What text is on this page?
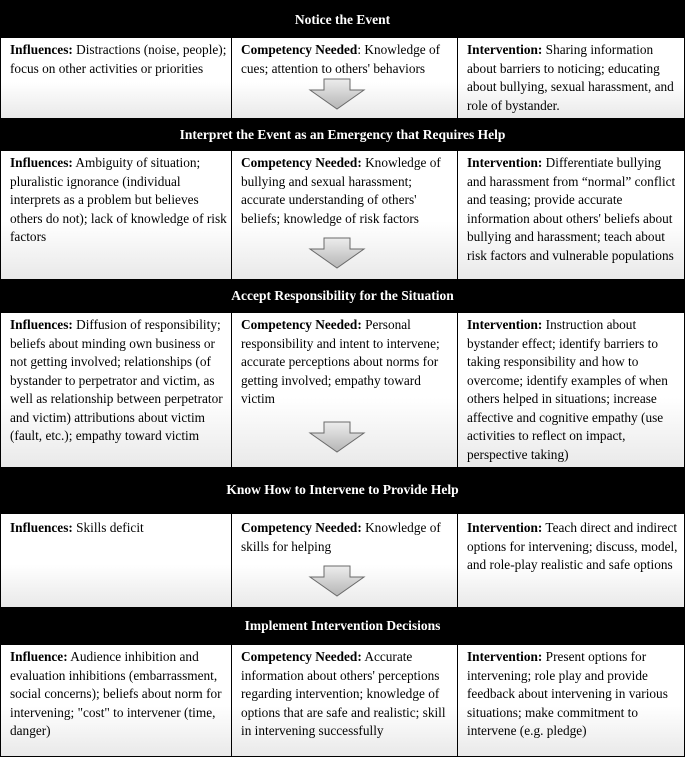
Notice the Event
Influences: Distractions (noise, people); focus on other activities or priorities
Competency Needed: Knowledge of cues; attention to others' behaviors
Intervention: Sharing information about barriers to noticing; educating about bullying, sexual harassment, and role of bystander.
Interpret the Event as an Emergency that Requires Help
Influences: Ambiguity of situation; pluralistic ignorance (individual interprets as a problem but believes others do not); lack of knowledge of risk factors
Competency Needed: Knowledge of bullying and sexual harassment; accurate understanding of others' beliefs; knowledge of risk factors
Intervention: Differentiate bullying and harassment from “normal” conflict and teasing; provide accurate information about others' beliefs about bullying and harassment; teach about risk factors and vulnerable populations
Accept Responsibility for the Situation
Influences: Diffusion of responsibility; beliefs about minding own business or not getting involved; relationships (of bystander to perpetrator and victim, as well as relationship between perpetrator and victim) attributions about victim (fault, etc.); empathy toward victim
Competency Needed: Personal responsibility and intent to intervene; accurate perceptions about norms for getting involved; empathy toward victim
Intervention: Instruction about bystander effect; identify barriers to taking responsibility and how to overcome; identify examples of when others helped in situations; increase affective and cognitive empathy (use activities to reflect on impact, perspective taking)
Know How to Intervene to Provide Help
Influences: Skills deficit	Competency Needed: Knowledge of skills for helping
Intervention: Teach direct and indirect options for intervening; discuss, model, and role-play realistic and safe options
Implement Intervention Decisions
Influence: Audience inhibition and evaluation inhibitions (embarrassment, social concerns); beliefs about norm for intervening; "cost" to intervener (time, danger)
Competency Needed: Accurate information about others' perceptions regarding intervention; knowledge of options that are safe and realistic; skill in intervening successfully
Intervention: Present options for intervening; role play and provide feedback about intervening in various situations; make commitment to intervene (e.g. pledge)
